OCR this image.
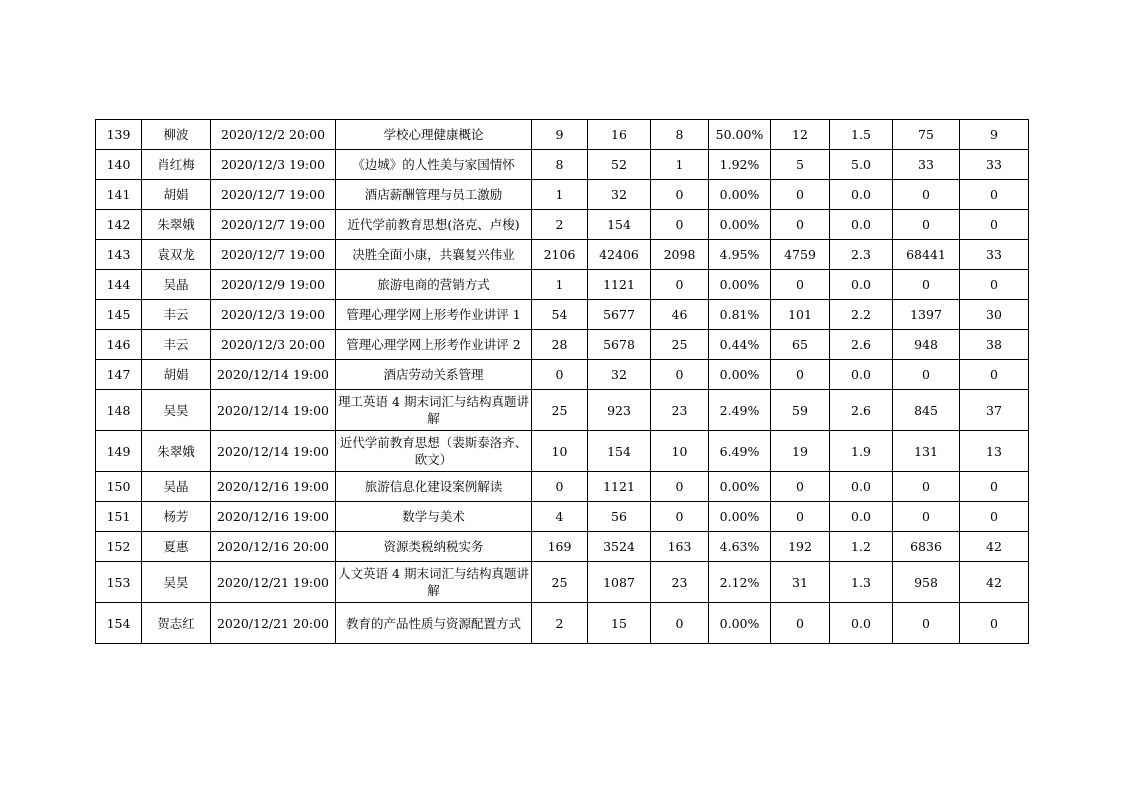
139	柳波	2020/12/2 20:00	学校心理健康概论	9	16	8	50.00%	12	1.5	75	9
140	肖红梅	2020/12/3 19:00	《边城》的人性美与家国情怀	8	52	1	1.92%	5	5.0	33	33
141	胡娟	2020/12/7 19:00	酒店薪酬管理与员工激励	1	32	0	0.00%	0	0.0	0	0
142	朱翠娥	2020/12/7 19:00	近代学前教育思想(洛克、卢梭)	2	154	0	0.00%	0	0.0	0	0
143	袁双龙	2020/12/7 19:00	决胜全面小康，共襄复兴伟业	2106	42406	2098	4.95%	4759	2.3	68441	33
144	吴晶	2020/12/9 19:00	旅游电商的营销方式	1	1121	0	0.00%	0	0.0	0	0
145	丰云	2020/12/3 19:00	管理心理学网上形考作业讲评 1	54	5677	46	0.81%	101	2.2	1397	30
146	丰云	2020/12/3 20:00	管理心理学网上形考作业讲评 2	28	5678	25	0.44%	65	2.6	948	38
147	胡娟	2020/12/14 19:00	酒店劳动关系管理	0	32	0	0.00%	0	0.0	0	0
148	吴昊	2020/12/14 19:00	理工英语 4 期末词汇与结构真题讲解	25	923	23	2.49%	59	2.6	845	37
149	朱翠娥	2020/12/14 19:00	近代学前教育思想（裴斯泰洛齐、欧文）	10	154	10	6.49%	19	1.9	131	13
150	吴晶	2020/12/16 19:00	旅游信息化建设案例解读	0	1121	0	0.00%	0	0.0	0	0
151	杨芳	2020/12/16 19:00	数学与美术	4	56	0	0.00%	0	0.0	0	0
152	夏惠	2020/12/16 20:00	资源类税纳税实务	169	3524	163	4.63%	192	1.2	6836	42
153	吴昊	2020/12/21 19:00	人文英语 4 期末词汇与结构真题讲解	25	1087	23	2.12%	31	1.3	958	42
154	贺志红	2020/12/21 20:00	教育的产品性质与资源配置方式	2	15	0	0.00%	0	0.0	0	0
